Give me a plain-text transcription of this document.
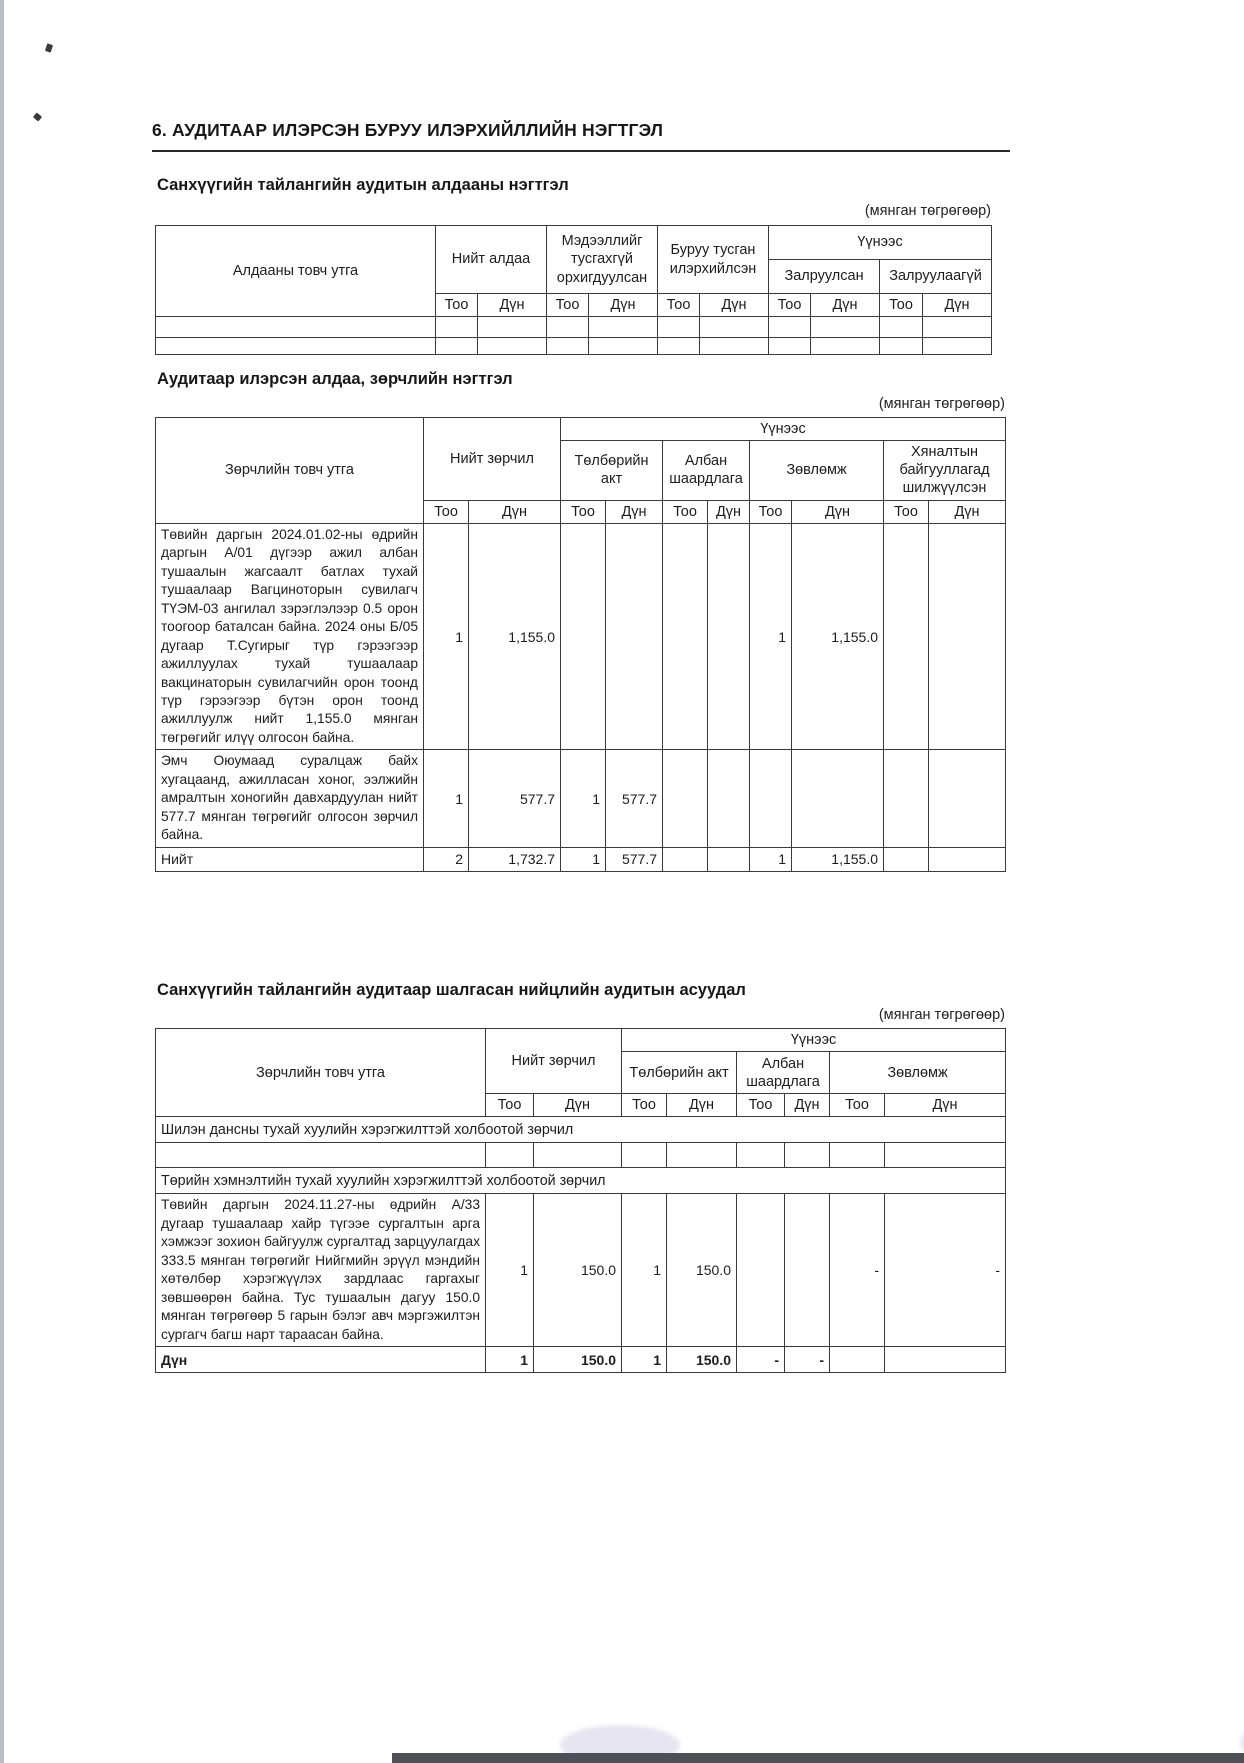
6. АУДИТААР ИЛЭРСЭН БУРУУ ИЛЭРХИЙЛЛИЙН НЭГТГЭЛ
Санхүүгийн тайлангийн аудитын алдааны нэгтгэл
(мянган төгрөгөөр)
Алдааны товч утга	Нийт алдаа		Мэдээллийг тусгахгүй орхигдуулсан		Буруу тусган илэрхийлсэн		Үүнээс			
							Залруулсан		Залруулаагүй	
	Тоо	Дүн	Тоо	Дүн	Тоо	Дүн	Тоо	Дүн	Тоо	Дүн

Аудитаар илэрсэн алдаа, зөрчлийн нэгтгэл
(мянган төгрөгөөр)
Зөрчлийн товч утга	Нийт зөрчил		Үүнээс							
			Төлбөрийн акт		Албан шаардлага		Зөвлөмж		Хяналтын байгууллагад шилжүүлсэн	
	Тоо	Дүн	Тоо	Дүн	Тоо	Дүн	Тоо	Дүн	Тоо	Дүн
Төвийн даргын 2024.01.02-ны өдрийн даргын А/01 дүгээр ажил албан тушаалын жагсаалт батлах тухай тушаалаар Вагциноторын сувилагч ТҮЭМ-03 ангилал зэрэглэлээр 0.5 орон тоогоор баталсан байна. 2024 оны Б/05 дугаар Т.Сугирыг түр гэрээгээр ажиллуулах тухай тушаалаар вакцинаторын сувилагчийн орон тоонд түр гэрээгээр бүтэн орон тоонд ажиллуулж нийт 1,155.0 мянган төгрөгийг илүү олгосон байна.	1	1,155.0					1	1,155.0		
Эмч Оюумаад суралцаж байх хугацаанд, ажилласан хоног, ээлжийн амралтын хоногийн давхардуулан нийт 577.7 мянган төгрөгийг олгосон зөрчил байна.	1	577.7	1	577.7						
Нийт	2	1,732.7	1	577.7			1	1,155.0		
Санхүүгийн тайлангийн аудитаар шалгасан нийцлийн аудитын асуудал
(мянган төгрөгөөр)
Зөрчлийн товч утга	Нийт зөрчил		Үүнээс					
			Төлбөрийн акт		Албан шаардлага		Зөвлөмж	
	Тоо	Дүн	Тоо	Дүн	Тоо	Дүн	Тоо	Дүн
Шилэн дансны тухай хуулийн хэрэгжилттэй холбоотой зөрчил								

Төрийн хэмнэлтийн тухай хуулийн хэрэгжилттэй холбоотой зөрчил								
Төвийн даргын 2024.11.27-ны өдрийн А/33 дугаар тушаалаар хайр түгээе сургалтын арга хэмжээг зохион байгуулж сургалтад зарцуулагдах 333.5 мянган төгрөгийг Нийгмийн эрүүл мэндийн хөтөлбөр хэрэгжүүлэх зардлаас гаргахыг зөвшөөрөн байна. Тус тушаалын дагуу 150.0 мянган төгрөгөөр 5 гарын бэлэг авч мэргэжилтэн сургагч багш нарт тараасан байна.	1	150.0	1	150.0			-	-
Дүн	1	150.0	1	150.0	-	-		
